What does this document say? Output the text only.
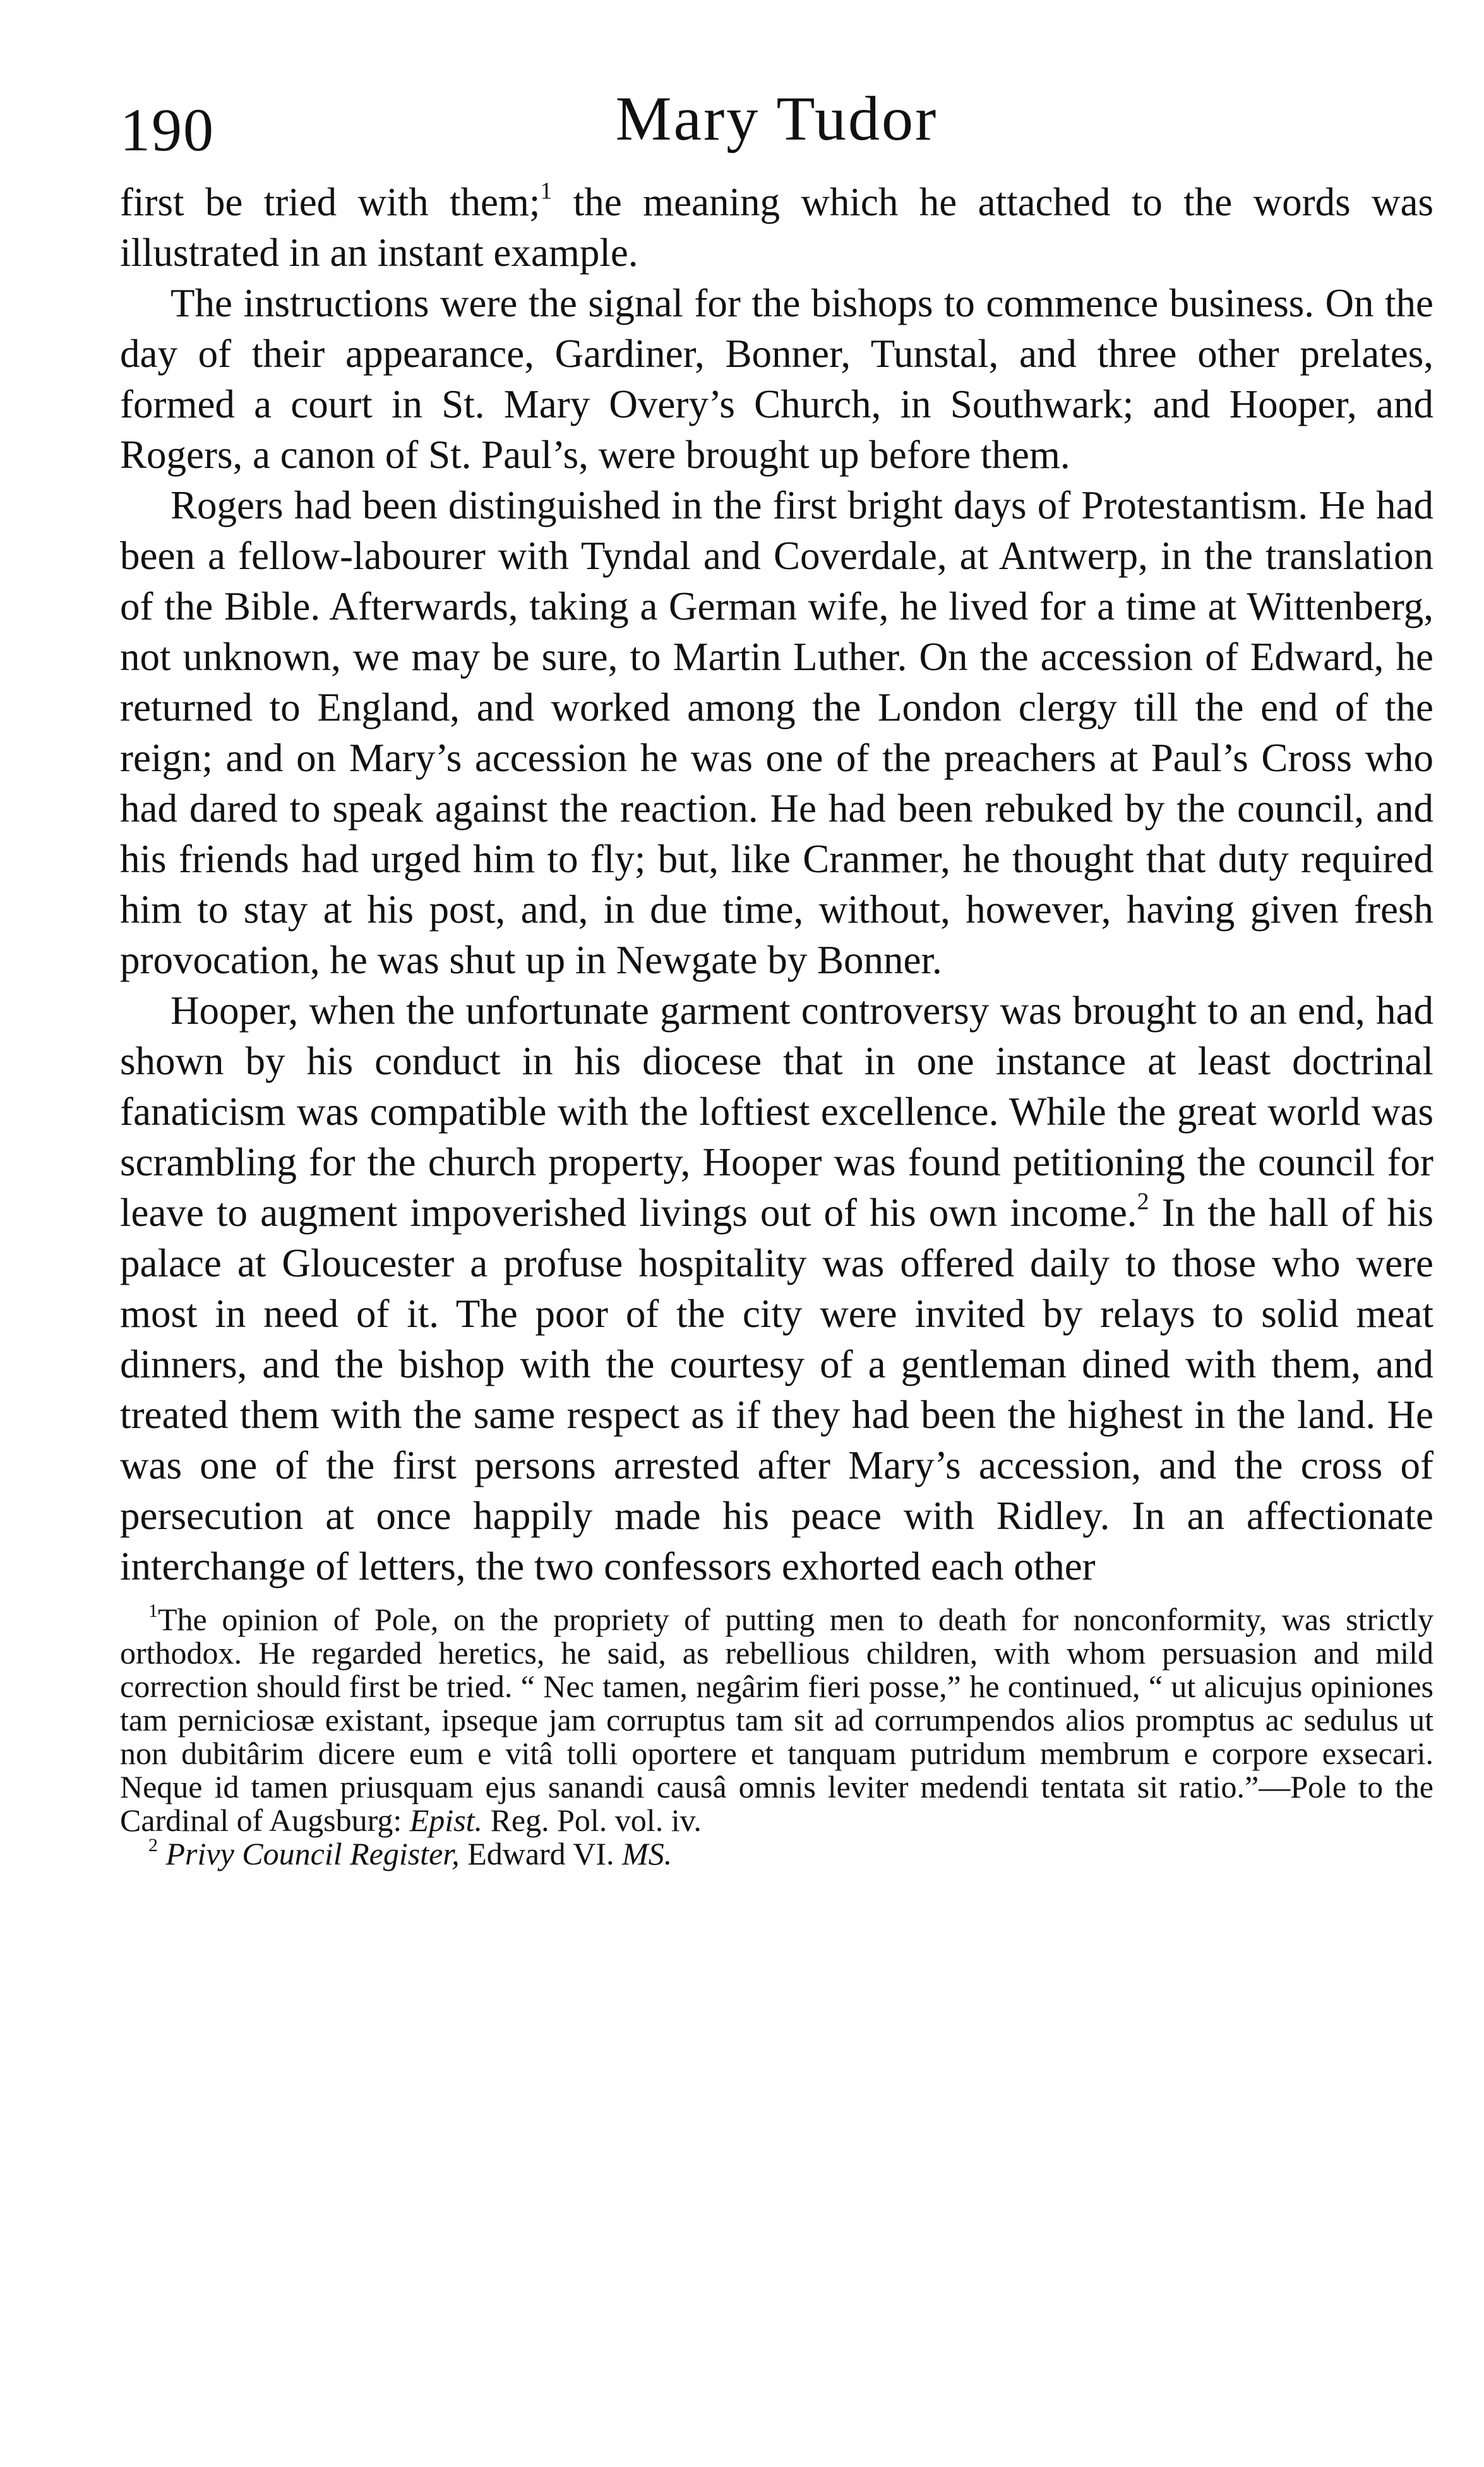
190	Mary Tudor

first be tried with them;$^1$ the meaning which he attached to the words was illustrated in an instant example.

The instructions were the signal for the bishops to commence business. On the day of their appearance, Gardiner, Bonner, Tunstal, and three other prelates, formed a court in St. Mary Overy’s Church, in Southwark; and Hooper, and Rogers, a canon of St. Paul’s, were brought up before them.

Rogers had been distinguished in the first bright days of Protestantism. He had been a fellow-labourer with Tyndal and Coverdale, at Antwerp, in the translation of the Bible. Afterwards, taking a German wife, he lived for a time at Wittenberg, not unknown, we may be sure, to Martin Luther. On the accession of Edward, he returned to England, and worked among the London clergy till the end of the reign; and on Mary’s accession he was one of the preachers at Paul’s Cross who had dared to speak against the reaction. He had been rebuked by the council, and his friends had urged him to fly; but, like Cranmer, he thought that duty required him to stay at his post, and, in due time, without, however, having given fresh provocation, he was shut up in Newgate by Bonner.

Hooper, when the unfortunate garment controversy was brought to an end, had shown by his conduct in his diocese that in one instance at least doctrinal fanaticism was compatible with the loftiest excellence. While the great world was scrambling for the church property, Hooper was found petitioning the council for leave to augment impoverished livings out of his own income.$^2$ In the hall of his palace at Gloucester a profuse hospitality was offered daily to those who were most in need of it. The poor of the city were invited by relays to solid meat dinners, and the bishop with the courtesy of a gentleman dined with them, and treated them with the same respect as if they had been the highest in the land. He was one of the first persons arrested after Mary’s accession, and the cross of persecution at once happily made his peace with Ridley. In an affectionate interchange of letters, the two confessors exhorted each other

$^1$The opinion of Pole, on the propriety of putting men to death for nonconformity, was strictly orthodox. He regarded heretics, he said, as rebellious children, with whom persuasion and mild correction should first be tried. “ Nec tamen, negârim fieri posse,” he continued, “ ut alicujus opiniones tam perniciosæ existant, ipseque jam corruptus tam sit ad corrumpendos alios promptus ac sedulus ut non dubitârim dicere eum e vitâ tolli oportere et tanquam putridum membrum e corpore exsecari. Neque id tamen priusquam ejus sanandi causâ omnis leviter medendi tentata sit ratio.”—Pole to the Cardinal of Augsburg: Epist. Reg. Pol. vol. iv.

$^2$ Privy Council Register, Edward VI. MS.
